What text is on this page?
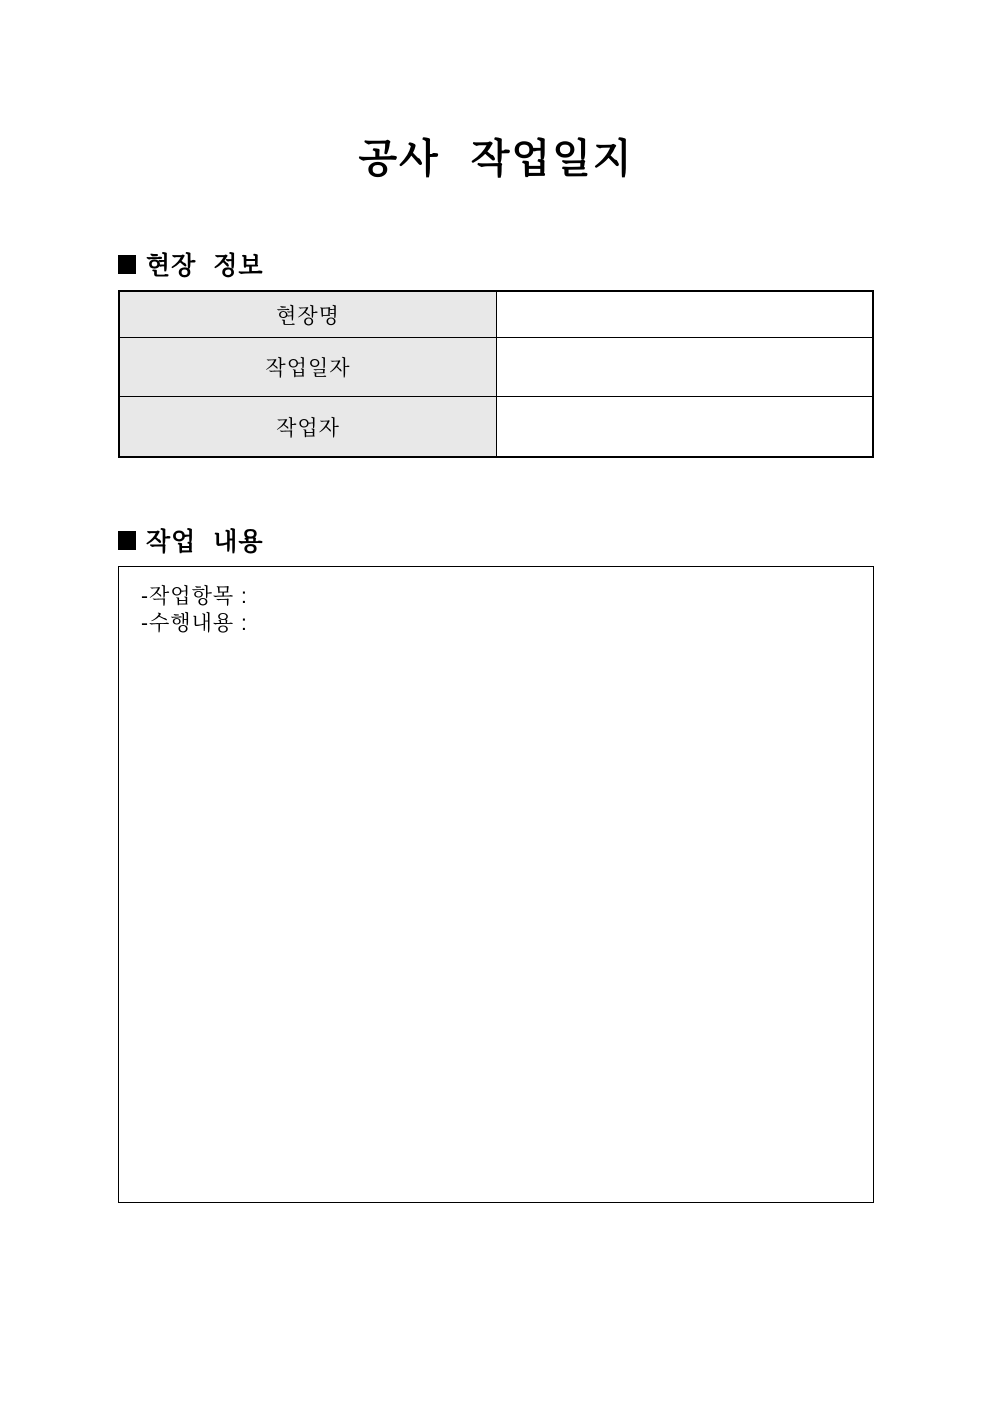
공사 작업일지
현장 정보
현장명
작업일자
작업자
작업 내용

-작업항목 :

-수행내용 :
